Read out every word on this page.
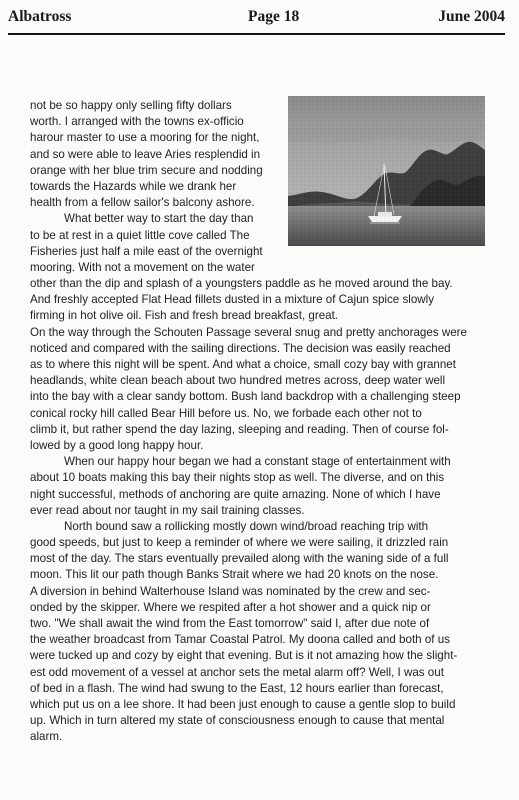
Albatross	Page 18	June 2004
not be so happy only selling fifty dollars
worth. I arranged with the towns ex-officio
harour master to use a mooring for the night,
and so were able to leave Aries resplendid in
orange with her blue trim secure and nodding
towards the Hazards while we drank her
health from a fellow sailor's balcony ashore.
What better way to start the day than
to be at rest in a quiet little cove called The
Fisheries just half a mile east of the overnight
mooring. With not a movement on the water
other than the dip and splash of a youngsters paddle as he moved around the bay.
And freshly accepted Flat Head fillets dusted in a mixture of Cajun spice slowly
firming in hot olive oil. Fish and fresh bread breakfast, great.
On the way through the Schouten Passage several snug and pretty anchorages were
noticed and compared with the sailing directions. The decision was easily reached
as to where this night will be spent. And what a choice, small cozy bay with grannet
headlands, white clean beach about two hundred metres across, deep water well
into the bay with a clear sandy bottom. Bush land backdrop with a challenging steep
conical rocky hill called Bear Hill before us. No, we forbade each other not to
climb it, but rather spend the day lazing, sleeping and reading. Then of course fol-
lowed by a good long happy hour.
When our happy hour began we had a constant stage of entertainment with
about 10 boats making this bay their nights stop as well. The diverse, and on this
night successful, methods of anchoring are quite amazing. None of which I have
ever read about nor taught in my sail training classes.
North bound saw a rollicking mostly down wind/broad reaching trip with
good speeds, but just to keep a reminder of where we were sailing, it drizzled rain
most of the day. The stars eventually prevailed along with the waning side of a full
moon. This lit our path though Banks Strait where we had 20 knots on the nose.
A diversion in behind Walterhouse Island was nominated by the crew and sec-
onded by the skipper. Where we respited after a hot shower and a quick nip or
two. "We shall await the wind from the East tomorrow" said I, after due note of
the weather broadcast from Tamar Coastal Patrol. My doona called and both of us
were tucked up and cozy by eight that evening. But is it not amazing how the slight-
est odd movement of a vessel at anchor sets the metal alarm off? Well, I was out
of bed in a flash. The wind had swung to the East, 12 hours earlier than forecast,
which put us on a lee shore. It had been just enough to cause a gentle slop to build
up. Which in turn altered my state of consciousness enough to cause that mental
alarm.
